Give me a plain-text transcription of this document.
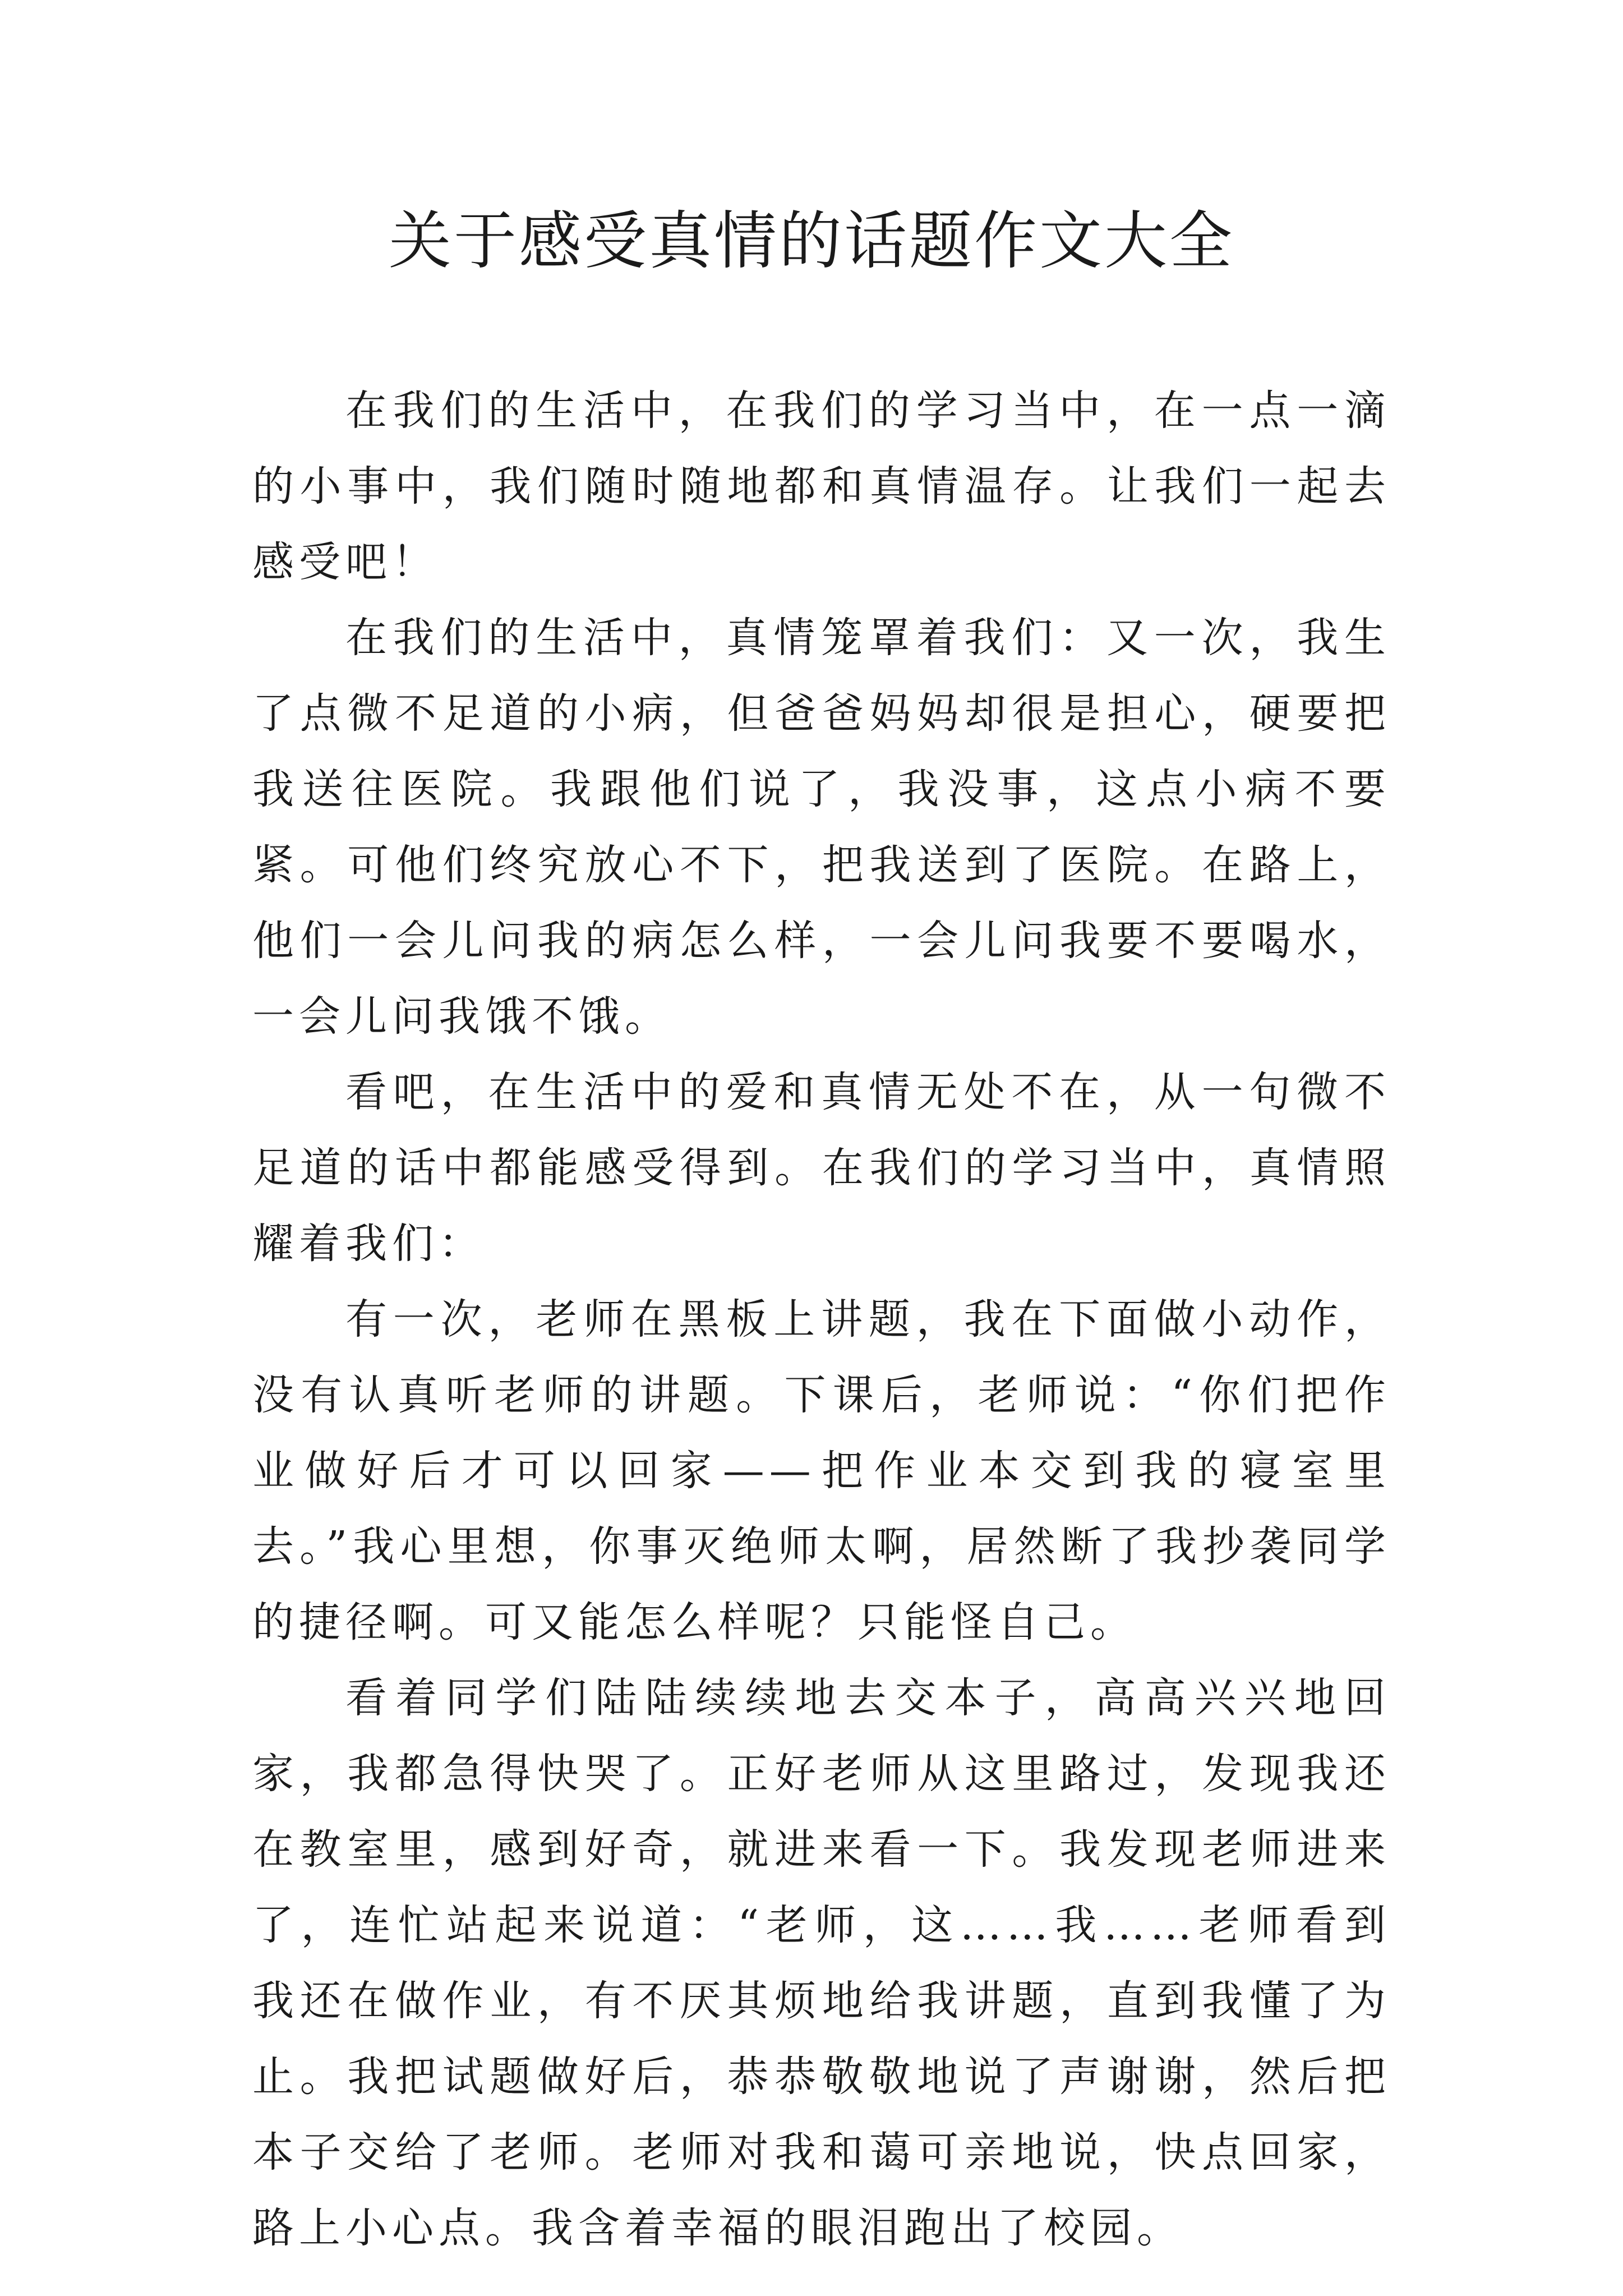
关于感受真情的话题作文大全

在我们的生活中，在我们的学习当中，在一点一滴的小事中，我们随时随地都和真情温存。让我们一起去感受吧！

在我们的生活中，真情笼罩着我们：又一次，我生了点微不足道的小病，但爸爸妈妈却很是担心，硬要把我送往医院。我跟他们说了，我没事，这点小病不要紧。可他们终究放心不下，把我送到了医院。在路上，他们一会儿问我的病怎么样，一会儿问我要不要喝水，一会儿问我饿不饿。

看吧，在生活中的爱和真情无处不在，从一句微不足道的话中都能感受得到。在我们的学习当中，真情照耀着我们：

有一次，老师在黑板上讲题，我在下面做小动作，没有认真听老师的讲题。下课后，老师说：“你们把作业做好后才可以回家——把作业本交到我的寝室里去。”我心里想，你事灭绝师太啊，居然断了我抄袭同学的捷径啊。可又能怎么样呢？只能怪自己。

看着同学们陆陆续续地去交本子，高高兴兴地回家，我都急得快哭了。正好老师从这里路过，发现我还在教室里，感到好奇，就进来看一下。我发现老师进来了，连忙站起来说道：“老师，这……我……老师看到我还在做作业，有不厌其烦地给我讲题，直到我懂了为止。我把试题做好后，恭恭敬敬地说了声谢谢，然后把本子交给了老师。老师对我和蔼可亲地说，快点回家，路上小心点。我含着幸福的眼泪跑出了校园。
